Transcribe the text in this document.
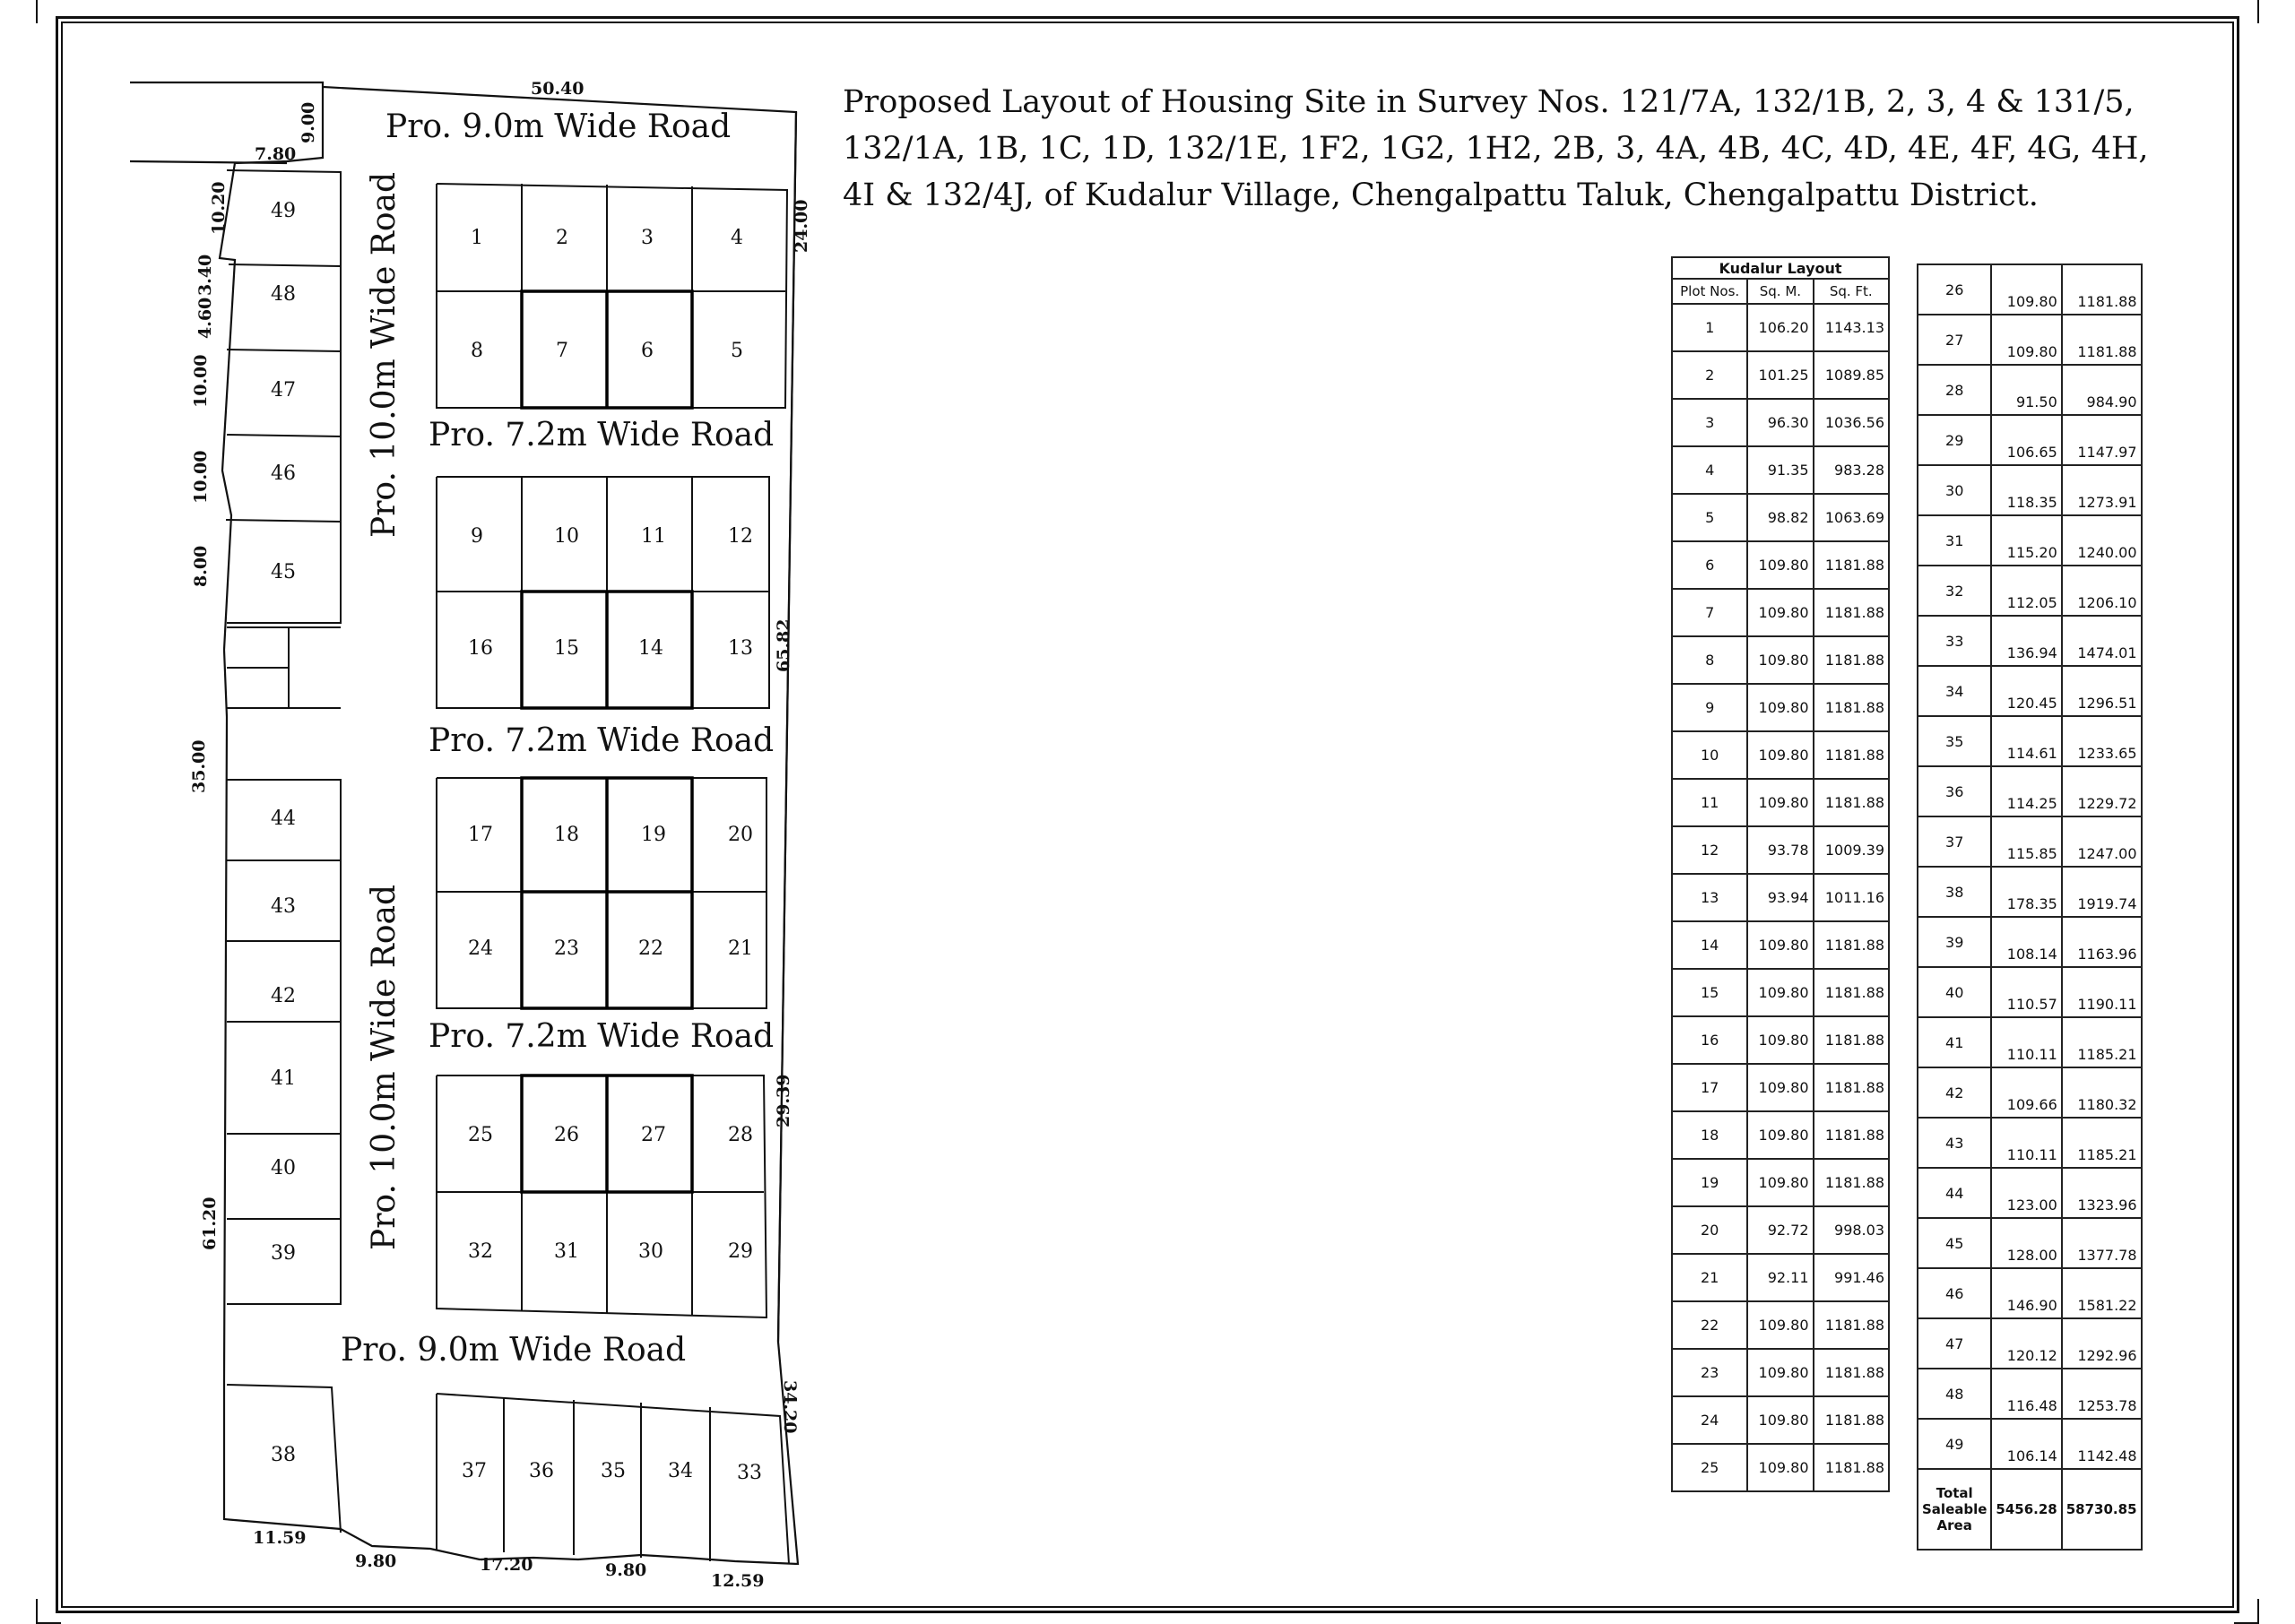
Pro. 9.0m Wide Road
Pro. 10.0m Wide Road
Pro. 10.0m Wide Road
Pro. 7.2m Wide Road
Pro. 7.2m Wide Road
Pro. 7.2m Wide Road
Pro. 9.0m Wide Road
1	2	3	4
5
6
7
8
9	10	11	12
13
14
15
16
17	18	19	20
21
22
23
24
25	26	27	28
29
30
31
32
33
34
35
36
37
38
39
40
41
42
43
44
45
46
47
48
49
50.40
9.00
7.80
24.00
65.82
29.39
34.20
10.20
3.40
4.60
10.00
10.00
8.00
35.00
61.20
11.59
9.80	17.20	9.80
12.59
Proposed Layout of Housing Site in Survey Nos. 121/7A, 132/1B, 2, 3, 4 & 131/5, 132/1A, 1B, 1C, 1D, 132/1E, 1F2, 1G2, 1H2, 2B, 3, 4A, 4B, 4C, 4D, 4E, 4F, 4G, 4H, 4I & 132/4J, of Kudalur Village, Chengalpattu Taluk, Chengalpattu District.
Kudalur Layout		
Plot Nos.	Sq. M.	Sq. Ft.
1	106.20	1143.13
2	101.25	1089.85
3	96.30	1036.56
4	91.35	983.28
5	98.82	1063.69
6	109.80	1181.88
7	109.80	1181.88
8	109.80	1181.88
9	109.80	1181.88
10	109.80	1181.88
11	109.80	1181.88
12	93.78	1009.39
13	93.94	1011.16
14	109.80	1181.88
15	109.80	1181.88
16	109.80	1181.88
17	109.80	1181.88
18	109.80	1181.88
19	109.80	1181.88
20	92.72	998.03
21	92.11	991.46
22	109.80	1181.88
23	109.80	1181.88
24	109.80	1181.88
25	109.80	1181.88
26	109.80	1181.88
27	109.80	1181.88
28	91.50	984.90
29	106.65	1147.97
30	118.35	1273.91
31	115.20	1240.00
32	112.05	1206.10
33	136.94	1474.01
34	120.45	1296.51
35	114.61	1233.65
36	114.25	1229.72
37	115.85	1247.00
38	178.35	1919.74
39	108.14	1163.96
40	110.57	1190.11
41	110.11	1185.21
42	109.66	1180.32
43	110.11	1185.21
44	123.00	1323.96
45	128.00	1377.78
46	146.90	1581.22
47	120.12	1292.96
48	116.48	1253.78
49	106.14	1142.48
Total Saleable Area	5456.28	58730.85
